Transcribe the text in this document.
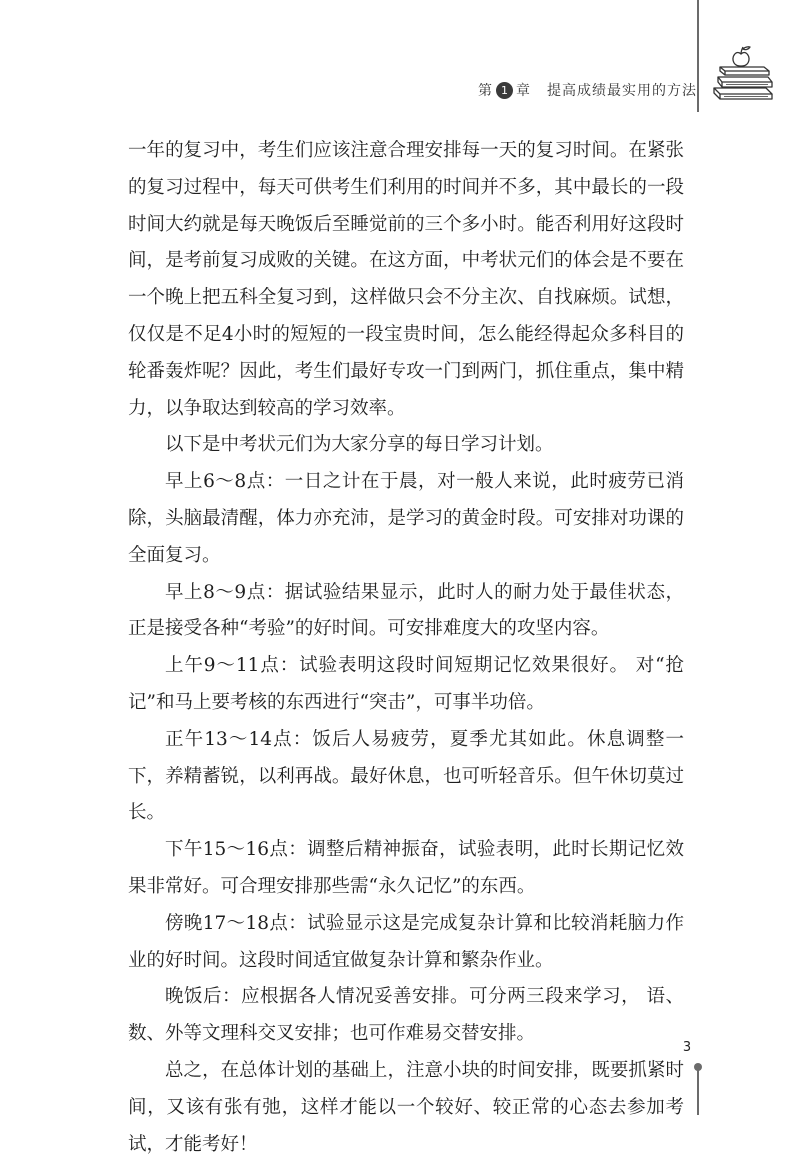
第 1 章 提高成绩最实用的方法

一年的复习中，考生们应该注意合理安排每一天的复习时间。在紧张的复习过程中，每天可供考生们利用的时间并不多，其中最长的一段时间大约就是每天晚饭后至睡觉前的三个多小时。能否利用好这段时间，是考前复习成败的关键。在这方面，中考状元们的体会是不要在一个晚上把五科全复习到，这样做只会不分主次、自找麻烦。试想，仅仅是不足4小时的短短的一段宝贵时间，怎么能经得起众多科目的轮番轰炸呢？因此，考生们最好专攻一门到两门，抓住重点，集中精力，以争取达到较高的学习效率。

以下是中考状元们为大家分享的每日学习计划。

早上6～8点：一日之计在于晨，对一般人来说，此时疲劳已消除，头脑最清醒，体力亦充沛，是学习的黄金时段。可安排对功课的全面复习。

早上8～9点：据试验结果显示，此时人的耐力处于最佳状态，正是接受各种“考验”的好时间。可安排难度大的攻坚内容。

上午9～11点：试验表明这段时间短期记忆效果很好。 对“抢记”和马上要考核的东西进行“突击”，可事半功倍。

正午13～14点：饭后人易疲劳，夏季尤其如此。休息调整一下，养精蓄锐，以利再战。最好休息，也可听轻音乐。但午休切莫过长。

下午15～16点：调整后精神振奋，试验表明，此时长期记忆效果非常好。可合理安排那些需“永久记忆”的东西。

傍晚17～18点：试验显示这是完成复杂计算和比较消耗脑力作业的好时间。这段时间适宜做复杂计算和繁杂作业。

晚饭后：应根据各人情况妥善安排。可分两三段来学习， 语、数、外等文理科交叉安排；也可作难易交替安排。

总之，在总体计划的基础上，注意小块的时间安排，既要抓紧时间，又该有张有弛，这样才能以一个较好、较正常的心态去参加考试，才能考好！

3
